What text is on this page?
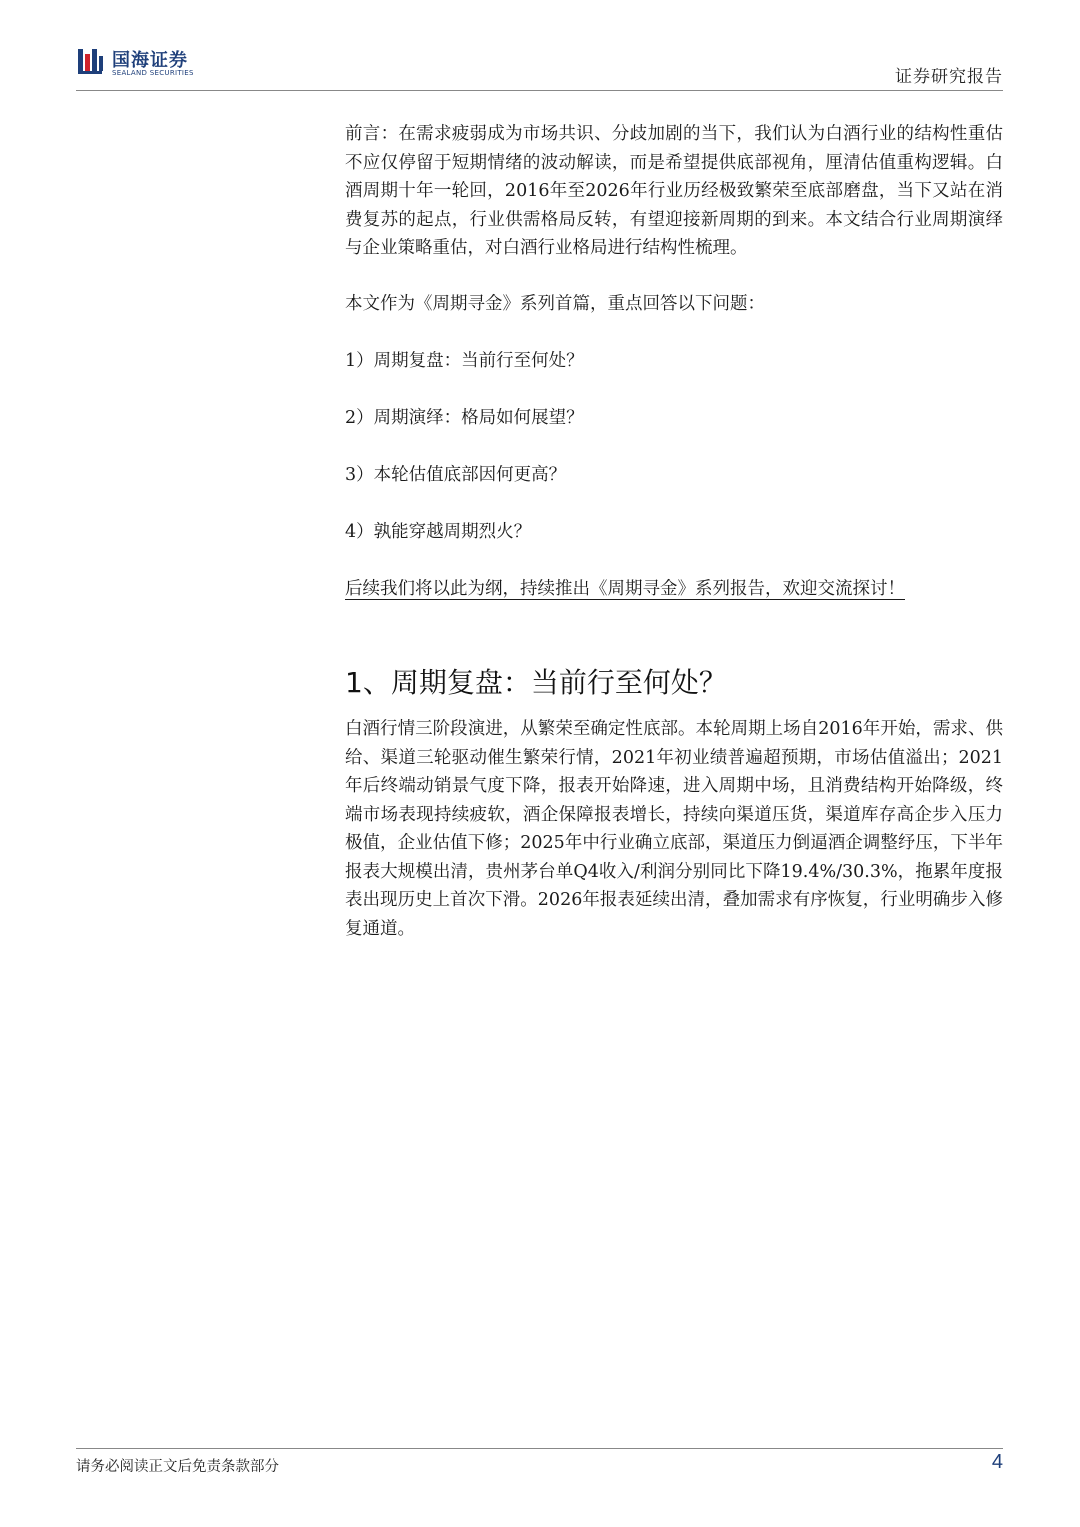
国海证券
SEALAND SECURITIES	证券研究报告

前言：在需求疲弱成为市场共识、分歧加剧的当下，我们认为白酒行业的结构性重估不应仅停留于短期情绪的波动解读，而是希望提供底部视角，厘清估值重构逻辑。白酒周期十年一轮回，2016年至2026年行业历经极致繁荣至底部磨盘，当下又站在消费复苏的起点，行业供需格局反转，有望迎接新周期的到来。本文结合行业周期演绎与企业策略重估，对白酒行业格局进行结构性梳理。

本文作为《周期寻金》系列首篇，重点回答以下问题：

1）周期复盘：当前行至何处？

2）周期演绎：格局如何展望？

3）本轮估值底部因何更高？

4）孰能穿越周期烈火？

后续我们将以此为纲，持续推出《周期寻金》系列报告，欢迎交流探讨！

1、周期复盘：当前行至何处？

白酒行情三阶段演进，从繁荣至确定性底部。本轮周期上场自2016年开始，需求、供给、渠道三轮驱动催生繁荣行情，2021年初业绩普遍超预期，市场估值溢出；2021年后终端动销景气度下降，报表开始降速，进入周期中场，且消费结构开始降级，终端市场表现持续疲软，酒企保障报表增长，持续向渠道压货，渠道库存高企步入压力极值，企业估值下修；2025年中行业确立底部，渠道压力倒逼酒企调整纾压，下半年报表大规模出清，贵州茅台单Q4收入/利润分别同比下降19.4%/30.3%，拖累年度报表出现历史上首次下滑。2026年报表延续出清，叠加需求有序恢复，行业明确步入修复通道。

请务必阅读正文后免责条款部分	4
